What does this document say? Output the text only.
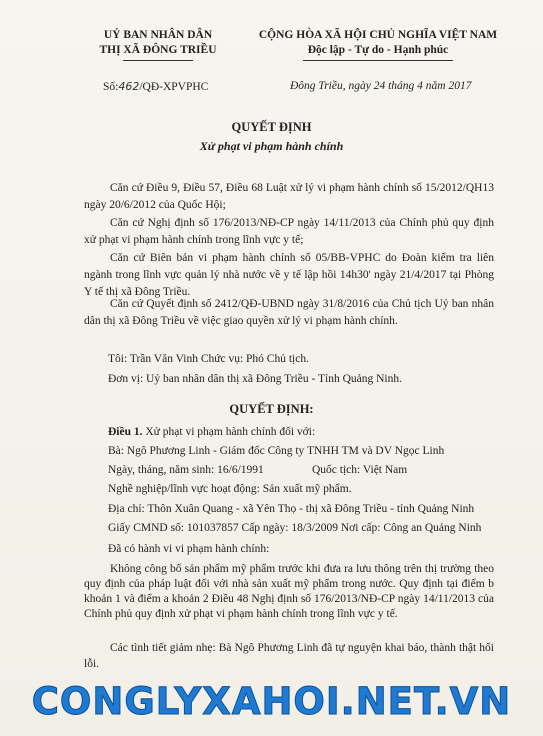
UỶ BAN NHÂN DÂN
THỊ XÃ ĐÔNG TRIỀU
CỘNG HÒA XÃ HỘI CHỦ NGHĨA VIỆT NAM
Độc lập - Tự do - Hạnh phúc
Số:462/QĐ-XPVPHC	Đông Triều, ngày 24 tháng 4 năm 2017
QUYẾT ĐỊNH
Xử phạt vi phạm hành chính
Căn cứ Điều 9, Điều 57, Điều 68 Luật xử lý vi phạm hành chính số 15/2012/QH13 ngày 20/6/2012 của Quốc Hội;
Căn cứ Nghị định số 176/2013/NĐ-CP ngày 14/11/2013 của Chính phủ quy định xử phạt vi phạm hành chính trong lĩnh vực y tế;
Căn cứ Biên bản vi phạm hành chính số 05/BB-VPHC do Đoàn kiểm tra liên ngành trong lĩnh vực quản lý nhà nước về y tế lập hồi 14h30' ngày 21/4/2017 tại Phòng Y tế thị xã Đông Triều.
Căn cứ Quyết định số 2412/QĐ-UBND ngày 31/8/2016 của Chủ tịch Uỷ ban nhân dân thị xã Đông Triều về việc giao quyền xử lý vi phạm hành chính.
Tôi: Trần Văn Vinh Chức vụ: Phó Chủ tịch.
Đơn vị: Uỷ ban nhân dân thị xã Đông Triều - Tỉnh Quảng Ninh.
QUYẾT ĐỊNH:
Điều 1. Xử phạt vi phạm hành chính đối với:
Bà: Ngô Phương Linh - Giám đốc Công ty TNHH TM và DV Ngọc Linh
Ngày, tháng, năm sinh: 16/6/1991	Quốc tịch: Việt Nam
Nghề nghiệp/lĩnh vực hoạt động: Sản xuất mỹ phẩm.
Địa chỉ: Thôn Xuân Quang - xã Yên Thọ - thị xã Đông Triều - tỉnh Quảng Ninh
Giấy CMND số: 101037857 Cấp ngày: 18/3/2009 Nơi cấp: Công an Quảng Ninh
Đã có hành vi vi phạm hành chính:
Không công bố sản phẩm mỹ phẩm trước khi đưa ra lưu thông trên thị trường theo quy định của pháp luật đối với nhà sản xuất mỹ phẩm trong nước. Quy định tại điểm b khoản 1 và điểm a khoản 2 Điều 48 Nghị định số 176/2013/NĐ-CP ngày 14/11/2013 của Chính phủ quy định xử phạt vi phạm hành chính trong lĩnh vực y tế.
Các tình tiết giảm nhẹ: Bà Ngô Phương Linh đã tự nguyện khai báo, thành thật hối lỗi.
CONGLYXAHOI.NET.VN
